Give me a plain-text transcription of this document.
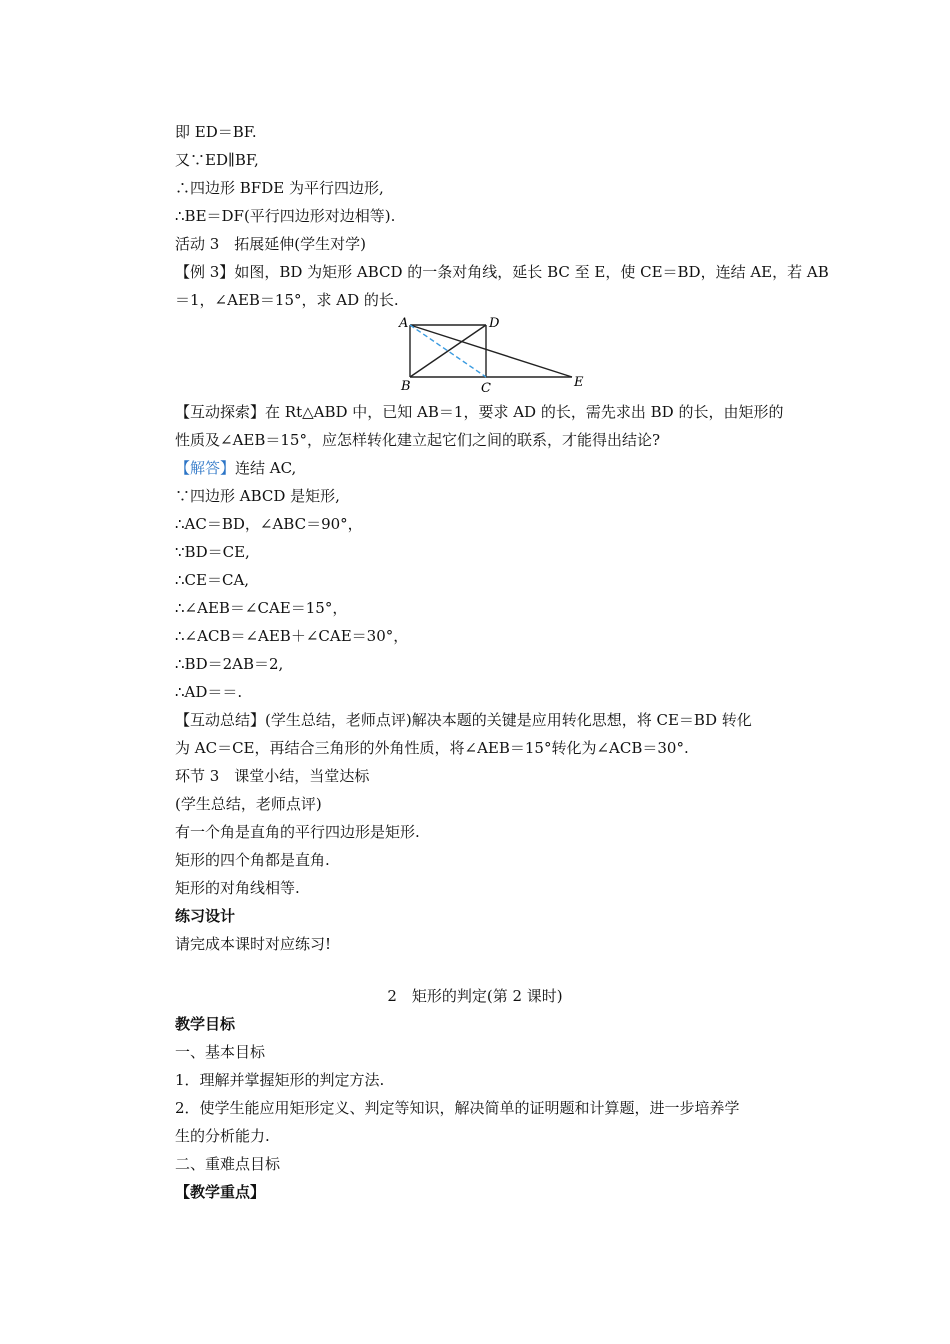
即 ED＝BF.
又∵ED∥BF,
∴四边形 BFDE 为平行四边形,
∴BE＝DF(平行四边形对边相等).
活动 3　拓展延伸(学生对学)
【例 3】如图，BD 为矩形 ABCD 的一条对角线，延长 BC 至 E，使 CE＝BD，连结 AE，若 AB
＝1，∠AEB＝15°，求 AD 的长.
A	D
B	C	E
【互动探索】在 Rt△ABD 中，已知 AB＝1，要求 AD 的长，需先求出 BD 的长，由矩形的
性质及∠AEB＝15°，应怎样转化建立起它们之间的联系，才能得出结论?
【解答】连结 AC,
∵四边形 ABCD 是矩形,
∴AC＝BD，∠ABC＝90°，
∵BD＝CE,
∴CE＝CA,
∴∠AEB＝∠CAE＝15°，
∴∠ACB＝∠AEB＋∠CAE＝30°，
∴BD＝2AB＝2,
∴AD＝＝.
【互动总结】(学生总结，老师点评)解决本题的关键是应用转化思想，将 CE＝BD 转化
为 AC＝CE，再结合三角形的外角性质，将∠AEB＝15°转化为∠ACB＝30°.
环节 3　课堂小结，当堂达标
(学生总结，老师点评)
有一个角是直角的平行四边形是矩形.
矩形的四个角都是直角.
矩形的对角线相等.
练习设计
请完成本课时对应练习!
2　矩形的判定(第 2 课时)
教学目标
一、基本目标
1．理解并掌握矩形的判定方法.
2．使学生能应用矩形定义、判定等知识，解决简单的证明题和计算题，进一步培养学
生的分析能力.
二、重难点目标
【教学重点】
